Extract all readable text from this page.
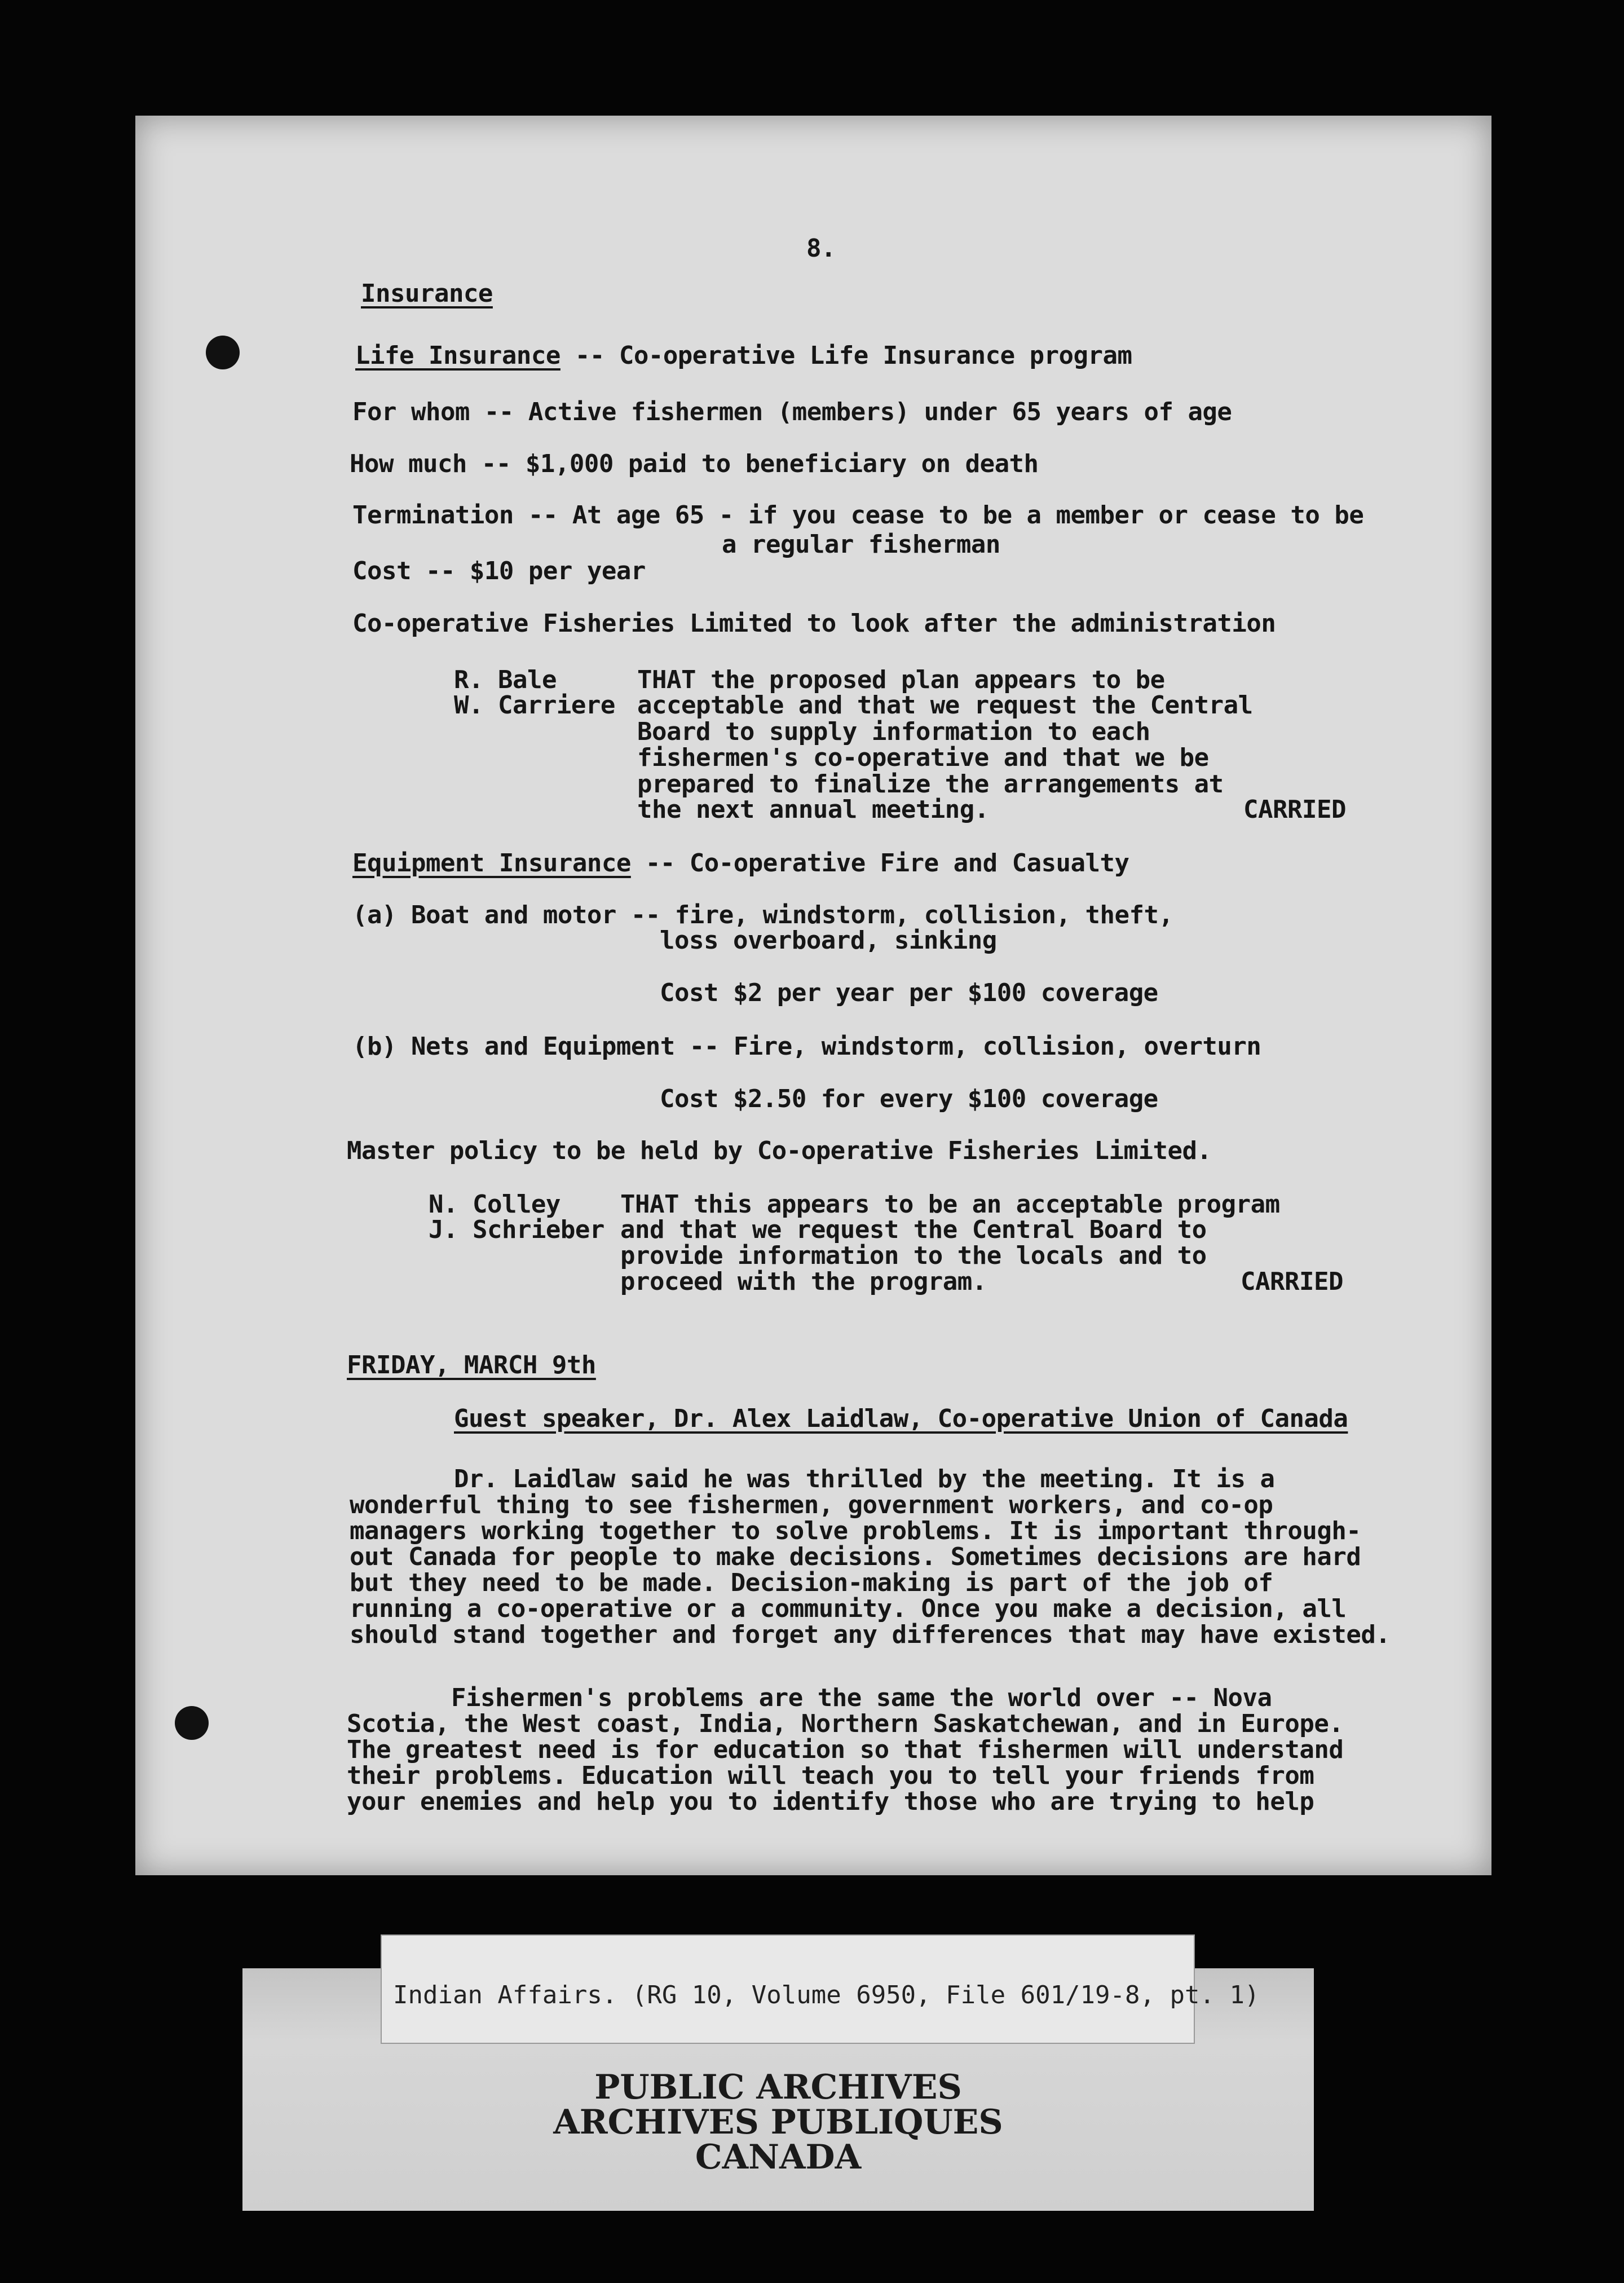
8.
Insurance
Life Insurance -- Co-operative Life Insurance program
For whom -- Active fishermen (members) under 65 years of age
How much -- $1,000 paid to beneficiary on death
Termination -- At age 65 - if you cease to be a member or cease to be
a regular fisherman
Cost -- $10 per year
Co-operative Fisheries Limited to look after the administration
R. Bale
W. Carriere
THAT the proposed plan appears to be
acceptable and that we request the Central
Board to supply information to each
fishermen's co-operative and that we be
prepared to finalize the arrangements at
the next annual meeting.	CARRIED
Equipment Insurance -- Co-operative Fire and Casualty
(a) Boat and motor -- fire, windstorm, collision, theft,
loss overboard, sinking
Cost $2 per year per $100 coverage
(b) Nets and Equipment -- Fire, windstorm, collision, overturn
Cost $2.50 for every $100 coverage
Master policy to be held by Co-operative Fisheries Limited.
N. Colley
J. Schrieber
THAT this appears to be an acceptable program
and that we request the Central Board to
provide information to the locals and to
proceed with the program.	CARRIED
FRIDAY, MARCH 9th
Guest speaker, Dr. Alex Laidlaw, Co-operative Union of Canada
Dr. Laidlaw said he was thrilled by the meeting. It is a
wonderful thing to see fishermen, government workers, and co-op
managers working together to solve problems. It is important through-
out Canada for people to make decisions. Sometimes decisions are hard
but they need to be made. Decision-making is part of the job of
running a co-operative or a community. Once you make a decision, all
should stand together and forget any differences that may have existed.
Fishermen's problems are the same the world over -- Nova
Scotia, the West coast, India, Northern Saskatchewan, and in Europe.
The greatest need is for education so that fishermen will understand
their problems. Education will teach you to tell your friends from
your enemies and help you to identify those who are trying to help
PUBLIC ARCHIVES
ARCHIVES PUBLIQUES
CANADA
Indian Affairs. (RG 10, Volume 6950, File 601/19-8, pt. 1)
